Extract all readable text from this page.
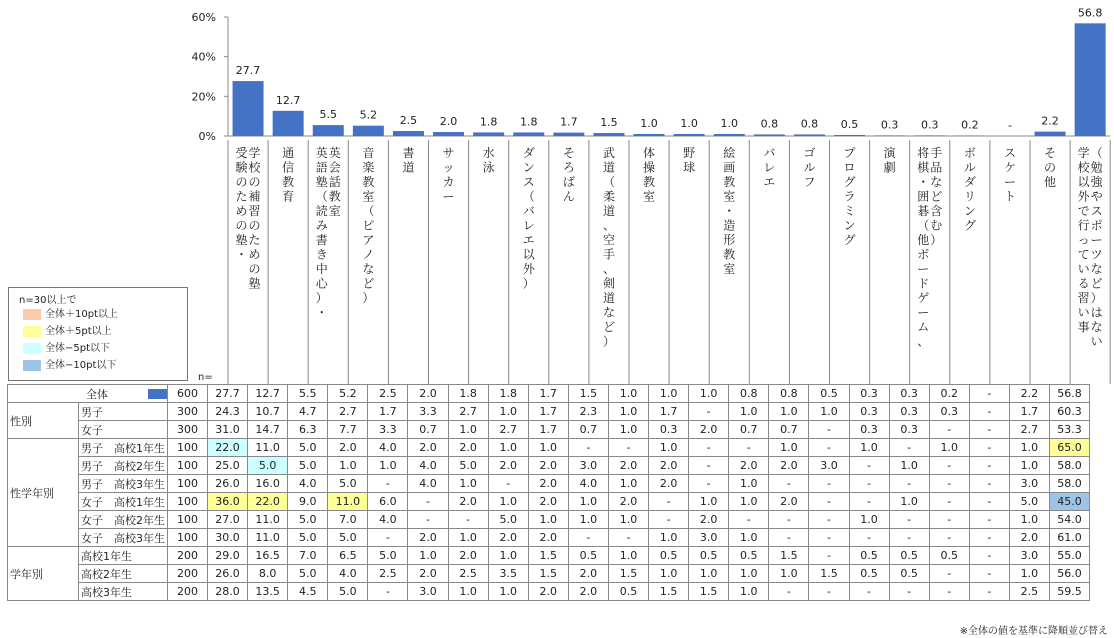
60%
40%
20%
0%
27.7
受
験
の
た
め
の
塾
・
学
校
の
補
習
の
た
め
の
塾
12.7
通
信
教
育
5.5
英
語
塾
（
読
み
書
き
中
心
）
・
英
会
話
教
室
5.2
音
楽
教
室
（
ピ
ア
ノ
な
ど
）
2.5
書
道
2.0
サ
ッ
カ
ー
1.8
水
泳
1.8
ダ
ン
ス
（
バ
レ
エ
以
外
）
1.7
そ
ろ
ば
ん
1.5
武
道
（
柔
道
、
空
手
、
剣
道
な
ど
）
1.0
体
操
教
室
1.0
野
球
1.0
絵
画
教
室
・
造
形
教
室
0.8
バ
レ
エ
0.8
ゴ
ル
フ
0.5
プ
ロ
グ
ラ
ミ
ン
グ
0.3
演
劇
0.3
将
棋
・
囲
碁
（
他
ボ
ー
ド
ゲ
ー
ム
、
手
品
な
ど
含
む
）
0.2
ボ
ル
ダ
リ
ン
グ
-
ス
ケ
ー
ト
2.2
そ
の
他
56.8
学
校
以
外
で
行
っ
て
い
る
習
い
事
（
勉
強
や
ス
ポ
ー
ツ
な
ど
）
は
な
い
n=30以上で
全体＋10pt以上
全体＋5pt以上
全体−5pt以下
全体−10pt以下
n=
全体		600	27.7	12.7	5.5	5.2	2.5	2.0	1.8	1.8	1.7	1.5	1.0	1.0	1.0	0.8	0.8	0.5	0.3	0.3	0.2	-	2.2	56.8
性別	男子	300	24.3	10.7	4.7	2.7	1.7	3.3	2.7	1.0	1.7	2.3	1.0	1.7	-	1.0	1.0	1.0	0.3	0.3	0.3	-	1.7	60.3
	女子	300	31.0	14.7	6.3	7.7	3.3	0.7	1.0	2.7	1.7	0.7	1.0	0.3	2.0	0.7	0.7	-	0.3	0.3	-	-	2.7	53.3
性学年別	男子　高校1年生	100	22.0	11.0	5.0	2.0	4.0	2.0	2.0	1.0	1.0	-	-	1.0	-	-	1.0	-	1.0	-	1.0	-	1.0	65.0
	男子　高校2年生	100	25.0	5.0	5.0	1.0	1.0	4.0	5.0	2.0	2.0	3.0	2.0	2.0	-	2.0	2.0	3.0	-	1.0	-	-	1.0	58.0
	男子　高校3年生	100	26.0	16.0	4.0	5.0	-	4.0	1.0	-	2.0	4.0	1.0	2.0	-	1.0	-	-	-	-	-	-	3.0	58.0
	女子　高校1年生	100	36.0	22.0	9.0	11.0	6.0	-	2.0	1.0	2.0	1.0	2.0	-	1.0	1.0	2.0	-	-	1.0	-	-	5.0	45.0
	女子　高校2年生	100	27.0	11.0	5.0	7.0	4.0	-	-	5.0	1.0	1.0	1.0	-	2.0	-	-	-	1.0	-	-	-	1.0	54.0
	女子　高校3年生	100	30.0	11.0	5.0	5.0	-	2.0	1.0	2.0	2.0	-	-	1.0	3.0	1.0	-	-	-	-	-	-	2.0	61.0
学年別	高校1年生	200	29.0	16.5	7.0	6.5	5.0	1.0	2.0	1.0	1.5	0.5	1.0	0.5	0.5	0.5	1.5	-	0.5	0.5	0.5	-	3.0	55.0
	高校2年生	200	26.0	8.0	5.0	4.0	2.5	2.0	2.5	3.5	1.5	2.0	1.5	1.0	1.0	1.0	1.0	1.5	0.5	0.5	-	-	1.0	56.0
	高校3年生	200	28.0	13.5	4.5	5.0	-	3.0	1.0	1.0	2.0	2.0	0.5	1.5	1.5	1.0	-	-	-	-	-	-	2.5	59.5
※全体の値を基準に降順並び替え
